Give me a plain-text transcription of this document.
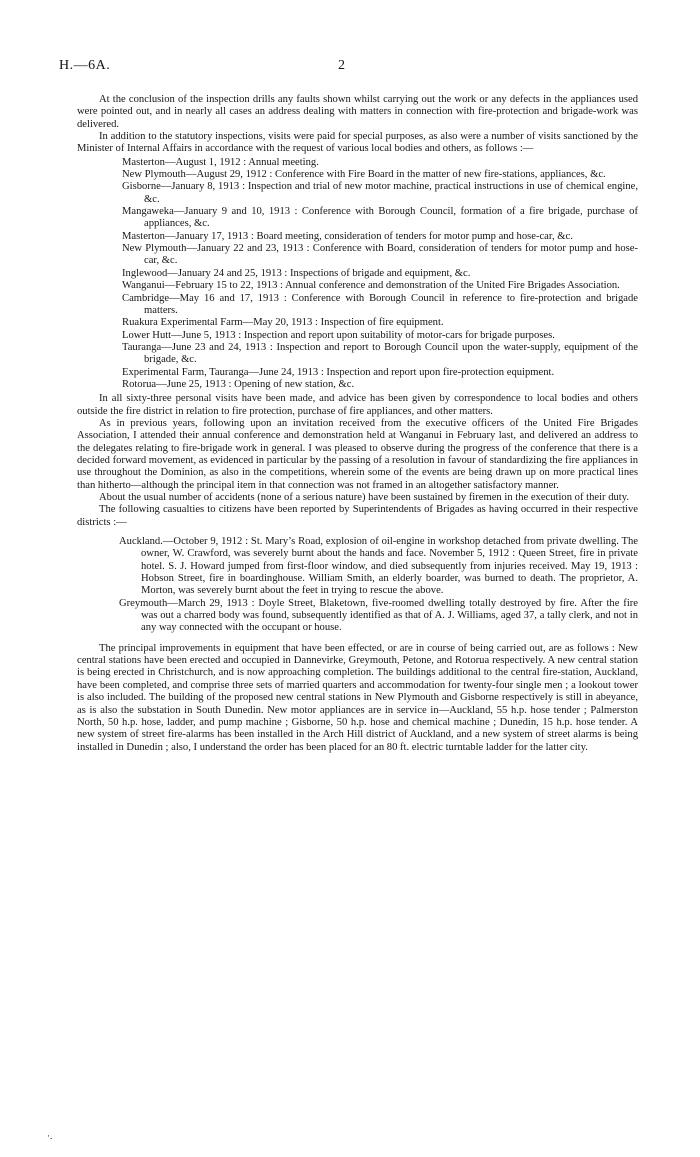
H.—6A.	2

At the conclusion of the inspection drills any faults shown whilst carrying out the work or any defects in the appliances used were pointed out, and in nearly all cases an address dealing with matters in connection with fire-protection and brigade-work was delivered.

In addition to the statutory inspections, visits were paid for special purposes, as also were a number of visits sanctioned by the Minister of Internal Affairs in accordance with the request of various local bodies and others, as follows :—

Masterton—August 1, 1912 : Annual meeting.
New Plymouth—August 29, 1912 : Conference with Fire Board in the matter of new fire-stations, appliances, &c.
Gisborne—January 8, 1913 : Inspection and trial of new motor machine, practical instructions in use of chemical engine, &c.
Mangaweka—January 9 and 10, 1913 : Conference with Borough Council, formation of a fire brigade, purchase of appliances, &c.
Masterton—January 17, 1913 : Board meeting, consideration of tenders for motor pump and hose-car, &c.
New Plymouth—January 22 and 23, 1913 : Conference with Board, consideration of tenders for motor pump and hose-car, &c.
Inglewood—January 24 and 25, 1913 : Inspections of brigade and equipment, &c.
Wanganui—February 15 to 22, 1913 : Annual conference and demonstration of the United Fire Brigades Association.
Cambridge—May 16 and 17, 1913 : Conference with Borough Council in reference to fire-protection and brigade matters.
Ruakura Experimental Farm—May 20, 1913 : Inspection of fire equipment.
Lower Hutt—June 5, 1913 : Inspection and report upon suitability of motor-cars for brigade purposes.
Tauranga—June 23 and 24, 1913 : Inspection and report to Borough Council upon the water-supply, equipment of the brigade, &c.
Experimental Farm, Tauranga—June 24, 1913 : Inspection and report upon fire-protection equipment.
Rotorua—June 25, 1913 : Opening of new station, &c.

In all sixty-three personal visits have been made, and advice has been given by correspondence to local bodies and others outside the fire district in relation to fire protection, purchase of fire appliances, and other matters.

As in previous years, following upon an invitation received from the executive officers of the United Fire Brigades Association, I attended their annual conference and demonstration held at Wanganui in February last, and delivered an address to the delegates relating to fire-brigade work in general. I was pleased to observe during the progress of the conference that there is a decided forward movement, as evidenced in particular by the passing of a resolution in favour of standardizing the fire appliances in use throughout the Dominion, as also in the competitions, wherein some of the events are being drawn up on more practical lines than hitherto—although the principal item in that connection was not framed in an altogether satisfactory manner.

About the usual number of accidents (none of a serious nature) have been sustained by firemen in the execution of their duty.

The following casualties to citizens have been reported by Superintendents of Brigades as having occurred in their respective districts :—

Auckland.—October 9, 1912 : St. Mary’s Road, explosion of oil-engine in workshop detached from private dwelling. The owner, W. Crawford, was severely burnt about the hands and face. November 5, 1912 : Queen Street, fire in private hotel. S. J. Howard jumped from first-floor window, and died subsequently from injuries received. May 19, 1913 : Hobson Street, fire in boardinghouse. William Smith, an elderly boarder, was burned to death. The proprietor, A. Morton, was severely burnt about the feet in trying to rescue the above.
Greymouth—March 29, 1913 : Doyle Street, Blaketown, five-roomed dwelling totally destroyed by fire. After the fire was out a charred body was found, subsequently identified as that of A. J. Williams, aged 37, a tally clerk, and not in any way connected with the occupant or house.

The principal improvements in equipment that have been effected, or are in course of being carried out, are as follows : New central stations have been erected and occupied in Dannevirke, Greymouth, Petone, and Rotorua respectively. A new central station is being erected in Christchurch, and is now approaching completion. The buildings additional to the central fire-station, Auckland, have been completed, and comprise three sets of married quarters and accommodation for twenty-four single men ; a lookout tower is also included. The building of the proposed new central stations in New Plymouth and Gisborne respectively is still in abeyance, as is also the substation in South Dunedin. New motor appliances are in service in—Auckland, 55 h.p. hose tender ; Palmerston North, 50 h.p. hose, ladder, and pump machine ; Gisborne, 50 h.p. hose and chemical machine ; Dunedin, 15 h.p. hose tender. A new system of street fire-alarms has been installed in the Arch Hill district of Auckland, and a new system of street alarms is being installed in Dunedin ; also, I understand the order has been placed for an 80 ft. electric turntable ladder for the latter city.

·.
